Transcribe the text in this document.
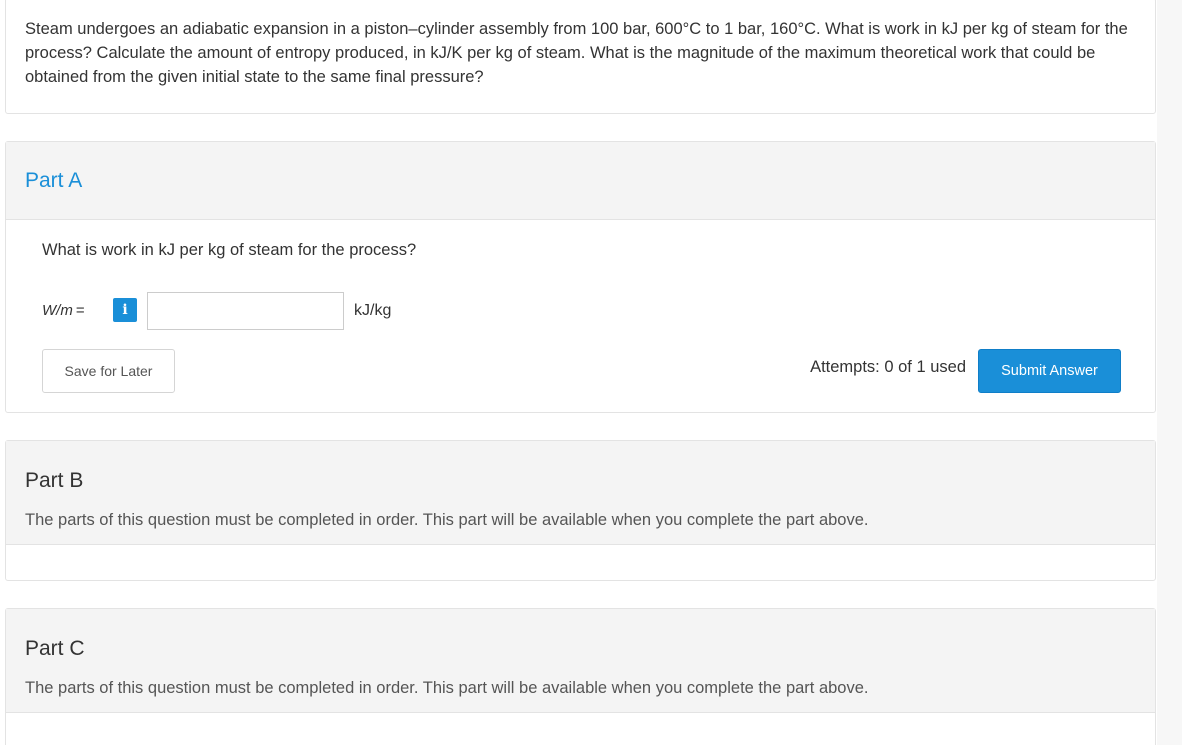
Steam undergoes an adiabatic expansion in a piston–cylinder assembly from 100 bar, 600°C to 1 bar, 160°C. What is work in kJ per kg of steam for the process? Calculate the amount of entropy produced, in kJ/K per kg of steam. What is the magnitude of the maximum theoretical work that could be obtained from the given initial state to the same final pressure?
Part A
What is work in kJ per kg of steam for the process?
W/m =	i	kJ/kg
Save for Later	Attempts: 0 of 1 used	Submit Answer
Part B
The parts of this question must be completed in order. This part will be available when you complete the part above.
Part C
The parts of this question must be completed in order. This part will be available when you complete the part above.
